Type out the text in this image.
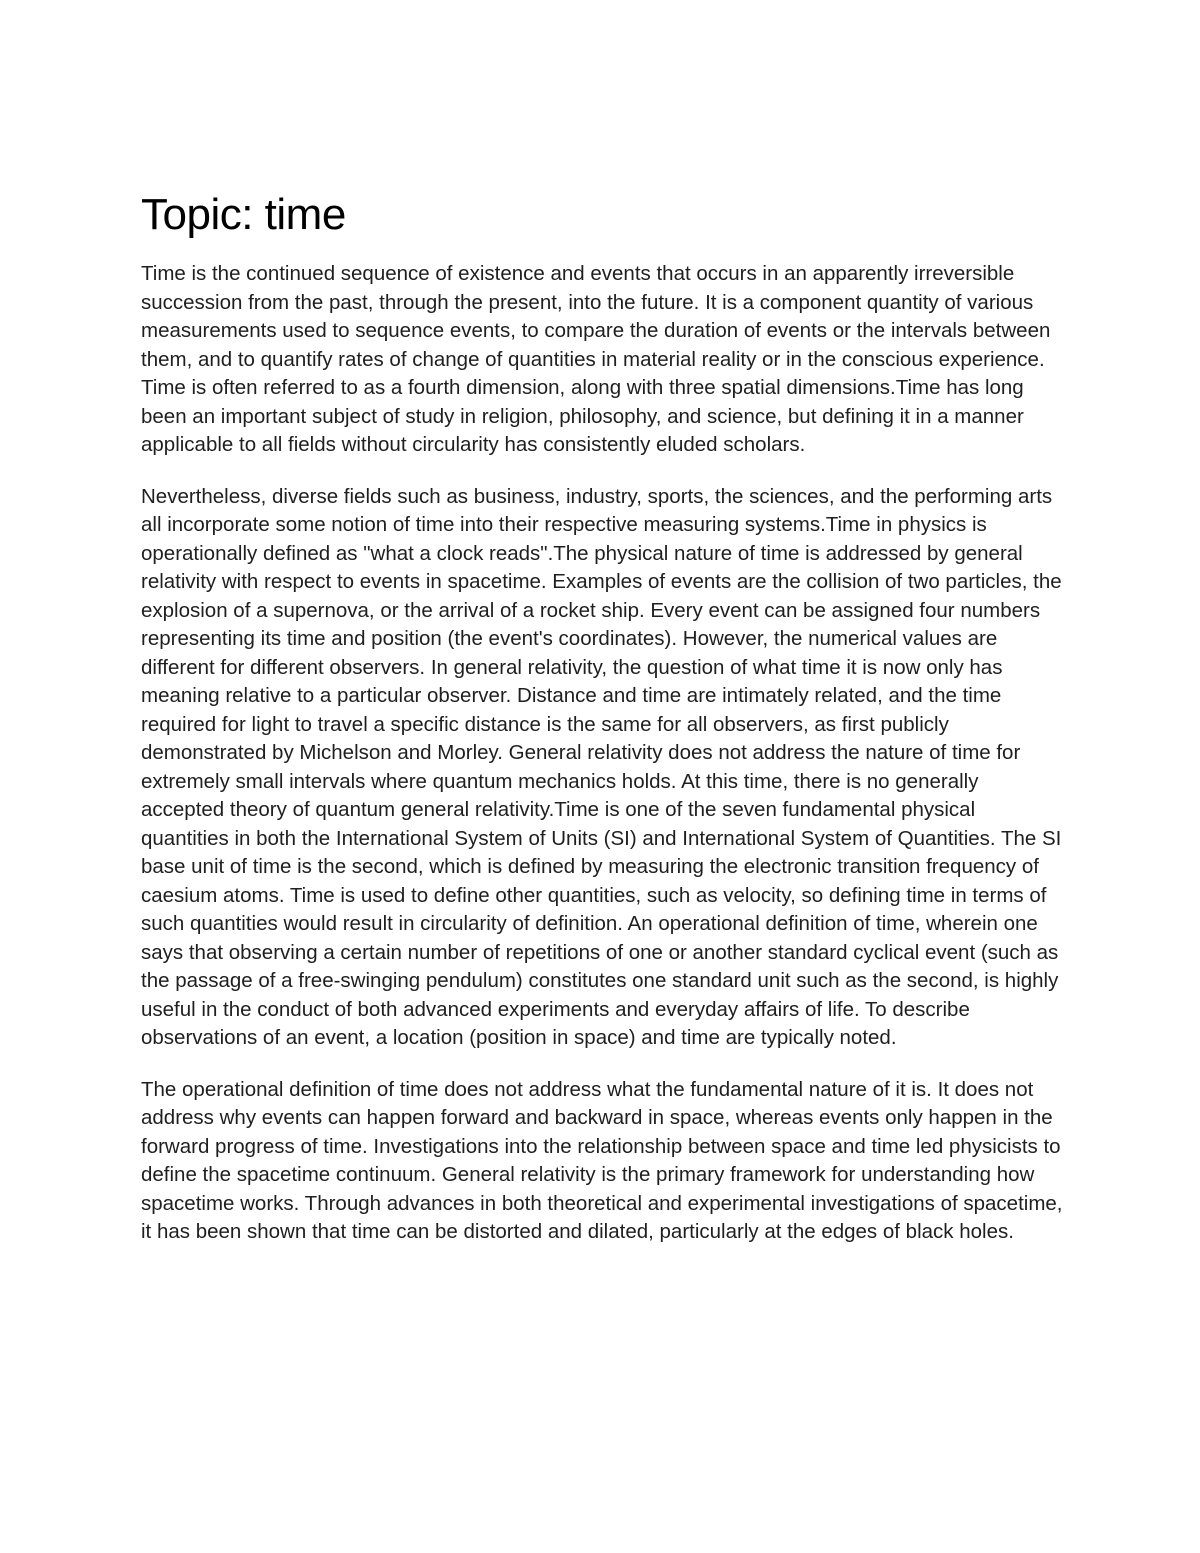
Topic: time

Time is the continued sequence of existence and events that occurs in an apparently irreversible succession from the past, through the present, into the future. It is a component quantity of various measurements used to sequence events, to compare the duration of events or the intervals between them, and to quantify rates of change of quantities in material reality or in the conscious experience. Time is often referred to as a fourth dimension, along with three spatial dimensions.Time has long been an important subject of study in religion, philosophy, and science, but defining it in a manner applicable to all fields without circularity has consistently eluded scholars.

Nevertheless, diverse fields such as business, industry, sports, the sciences, and the performing arts all incorporate some notion of time into their respective measuring systems.Time in physics is operationally defined as "what a clock reads".The physical nature of time is addressed by general relativity with respect to events in spacetime. Examples of events are the collision of two particles, the explosion of a supernova, or the arrival of a rocket ship. Every event can be assigned four numbers representing its time and position (the event's coordinates). However, the numerical values are different for different observers. In general relativity, the question of what time it is now only has meaning relative to a particular observer. Distance and time are intimately related, and the time required for light to travel a specific distance is the same for all observers, as first publicly demonstrated by Michelson and Morley. General relativity does not address the nature of time for extremely small intervals where quantum mechanics holds. At this time, there is no generally accepted theory of quantum general relativity.Time is one of the seven fundamental physical quantities in both the International System of Units (SI) and International System of Quantities. The SI base unit of time is the second, which is defined by measuring the electronic transition frequency of caesium atoms. Time is used to define other quantities, such as velocity, so defining time in terms of such quantities would result in circularity of definition. An operational definition of time, wherein one says that observing a certain number of repetitions of one or another standard cyclical event (such as the passage of a free-swinging pendulum) constitutes one standard unit such as the second, is highly useful in the conduct of both advanced experiments and everyday affairs of life. To describe observations of an event, a location (position in space) and time are typically noted.

The operational definition of time does not address what the fundamental nature of it is. It does not address why events can happen forward and backward in space, whereas events only happen in the forward progress of time. Investigations into the relationship between space and time led physicists to define the spacetime continuum. General relativity is the primary framework for understanding how spacetime works. Through advances in both theoretical and experimental investigations of spacetime, it has been shown that time can be distorted and dilated, particularly at the edges of black holes.
